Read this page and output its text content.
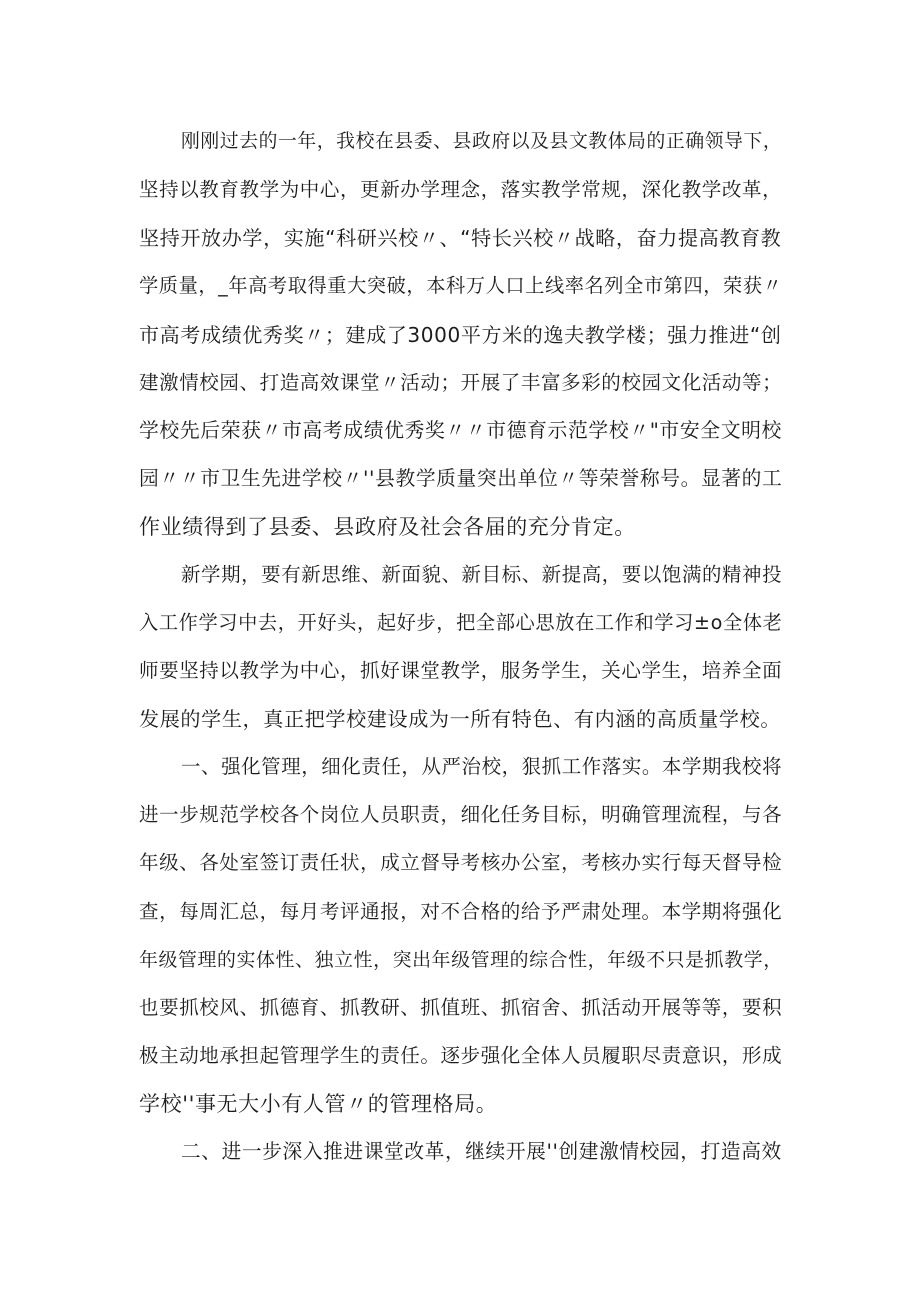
刚刚过去的一年，我校在县委、县政府以及县文教体局的正确领导下，
坚持以教育教学为中心，更新办学理念，落实教学常规，深化教学改革，
坚持开放办学，实施“科研兴校〃、“特长兴校〃战略，奋力提高教育教
学质量，_年高考取得重大突破，本科万人口上线率名列全市第四，荣获〃
市高考成绩优秀奖〃；建成了3000平方米的逸夫教学楼；强力推进“创
建激情校园、打造高效课堂〃活动；开展了丰富多彩的校园文化活动等；
学校先后荣获〃市高考成绩优秀奖〃〃市德育示范学校〃"市安全文明校
园〃〃市卫生先进学校〃''县教学质量突出单位〃等荣誉称号。显著的工
作业绩得到了县委、县政府及社会各届的充分肯定。
新学期，要有新思维、新面貌、新目标、新提高，要以饱满的精神投
入工作学习中去，开好头，起好步，把全部心思放在工作和学习±o全体老
师要坚持以教学为中心，抓好课堂教学，服务学生，关心学生，培养全面
发展的学生，真正把学校建设成为一所有特色、有内涵的高质量学校。
一、强化管理，细化责任，从严治校，狠抓工作落实。本学期我校将
进一步规范学校各个岗位人员职责，细化任务目标，明确管理流程，与各
年级、各处室签订责任状，成立督导考核办公室，考核办实行每天督导检
查，每周汇总，每月考评通报，对不合格的给予严肃处理。本学期将强化
年级管理的实体性、独立性，突出年级管理的综合性，年级不只是抓教学，
也要抓校风、抓德育、抓教研、抓值班、抓宿舍、抓活动开展等等，要积
极主动地承担起管理学生的责任。逐步强化全体人员履职尽责意识，形成
学校''事无大小有人管〃的管理格局。
二、进一步深入推进课堂改革，继续开展''创建激情校园，打造高效
